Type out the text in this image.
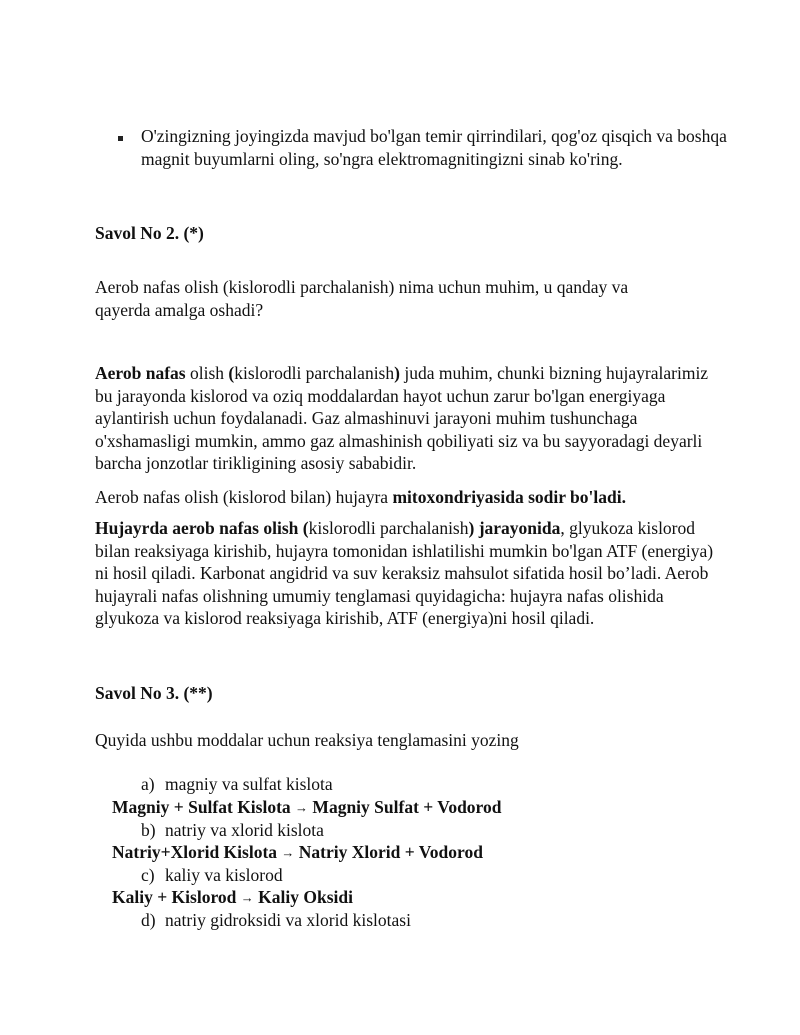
O'zingizning joyingizda mavjud bo'lgan temir qirrindilari, qog'oz qisqich va boshqa magnit buyumlarni oling, so'ngra elektromagnitingizni sinab ko'ring.
Savol No 2. (*)
Aerob nafas olish (kislorodli parchalanish) nima uchun muhim, u qanday va qayerda amalga oshadi?
Aerob nafas olish (kislorodli parchalanish) juda muhim, chunki bizning hujayralarimiz bu jarayonda kislorod va oziq moddalardan hayot uchun zarur bo'lgan energiyaga aylantirish uchun foydalanadi. Gaz almashinuvi jarayoni muhim tushunchaga o'xshamasligi mumkin, ammo gaz almashinish qobiliyati siz va bu sayyoradagi deyarli barcha jonzotlar tirikligining asosiy sababidir.
Aerob nafas olish (kislorod bilan) hujayra mitoxondriyasida sodir bo'ladi.
Hujayrda aerob nafas olish (kislorodli parchalanish) jarayonida, glyukoza kislorod bilan reaksiyaga kirishib, hujayra tomonidan ishlatilishi mumkin bo'lgan ATF (energiya) ni hosil qiladi. Karbonat angidrid va suv keraksiz mahsulot sifatida hosil bo’ladi. Aerob hujayrali nafas olishning umumiy tenglamasi quyidagicha: hujayra nafas olishida glyukoza va kislorod reaksiyaga kirishib, ATF (energiya)ni hosil qiladi.
Savol No 3. (**)
Quyida ushbu moddalar uchun reaksiya tenglamasini yozing
a) magniy va sulfat kislota
Magniy + Sulfat Kislota → Magniy Sulfat + Vodorod
b) natriy va xlorid kislota
Natriy+Xlorid Kislota → Natriy Xlorid + Vodorod
c) kaliy va kislorod
Kaliy + Kislorod → Kaliy Oksidi
d) natriy gidroksidi va xlorid kislotasi
